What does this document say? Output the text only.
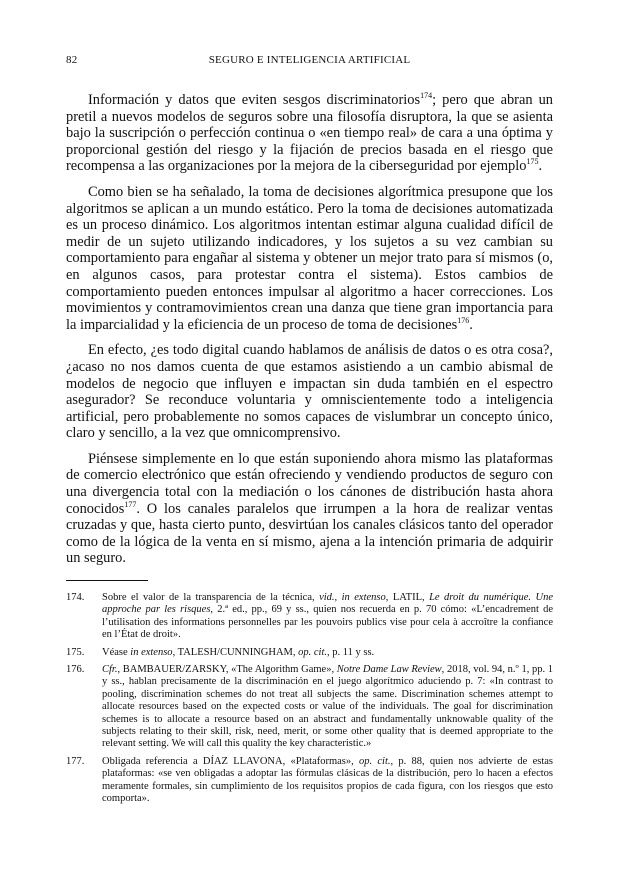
82	SEGURO E INTELIGENCIA ARTIFICIAL

Información y datos que eviten sesgos discriminatorios$^{174}$; pero que abran un pretil a nuevos modelos de seguros sobre una filosofía disruptora, la que se asienta bajo la suscripción o perfección continua o «en tiempo real» de cara a una óptima y proporcional gestión del riesgo y la fijación de precios basada en el riesgo que recompensa a las organizaciones por la mejora de la ciberseguridad por ejemplo$^{175}$.

Como bien se ha señalado, la toma de decisiones algorítmica presupone que los algoritmos se aplican a un mundo estático. Pero la toma de decisiones automatizada es un proceso dinámico. Los algoritmos intentan estimar alguna cualidad difícil de medir de un sujeto utilizando indicadores, y los sujetos a su vez cambian su comportamiento para engañar al sistema y obtener un mejor trato para sí mismos (o, en algunos casos, para protestar contra el sistema). Estos cambios de comportamiento pueden entonces impulsar al algoritmo a hacer correcciones. Los movimientos y contramovimientos crean una danza que tiene gran importancia para la imparcialidad y la eficiencia de un proceso de toma de decisiones$^{176}$.

En efecto, ¿es todo digital cuando hablamos de análisis de datos o es otra cosa?, ¿acaso no nos damos cuenta de que estamos asistiendo a un cambio abismal de modelos de negocio que influyen e impactan sin duda también en el espectro asegurador? Se reconduce voluntaria y omniscientemente todo a inteligencia artificial, pero probablemente no somos capaces de vislumbrar un concepto único, claro y sencillo, a la vez que omnicomprensivo.

Piénsese simplemente en lo que están suponiendo ahora mismo las plataformas de comercio electrónico que están ofreciendo y vendiendo productos de seguro con una divergencia total con la mediación o los cánones de distribución hasta ahora conocidos$^{177}$. O los canales paralelos que irrumpen a la hora de realizar ventas cruzadas y que, hasta cierto punto, desvirtúan los canales clásicos tanto del operador como de la lógica de la venta en sí mismo, ajena a la intención primaria de adquirir un seguro.

174. Sobre el valor de la transparencia de la técnica, vid., in extenso, LATIL, Le droit du numérique. Une approche par les risques, 2.ª ed., pp., 69 y ss., quien nos recuerda en p. 70 cómo: «L’encadrement de l’utilisation des informations personnelles par les pouvoirs publics vise pour cela à accroître la confiance en l’État de droit».
175. Véase in extenso, TALESH/CUNNINGHAM, op. cit., p. 11 y ss.
176. Cfr., BAMBAUER/ZARSKY, «The Algorithm Game», Notre Dame Law Review, 2018, vol. 94, n.º 1, pp. 1 y ss., hablan precisamente de la discriminación en el juego algorítmico aduciendo p. 7: «In contrast to pooling, discrimination schemes do not treat all subjects the same. Discrimination schemes attempt to allocate resources based on the expected costs or value of the individuals. The goal for discrimination schemes is to allocate a resource based on an abstract and fundamentally unknowable quality of the subjects relating to their skill, risk, need, merit, or some other quality that is deemed appropriate to the relevant setting. We will call this quality the key characteristic.»
177. Obligada referencia a DÍAZ LLAVONA, «Plataformas», op. cit., p. 88, quien nos advierte de estas plataformas: «se ven obligadas a adoptar las fórmulas clásicas de la distribución, pero lo hacen a efectos meramente formales, sin cumplimiento de los requisitos propios de cada figura, con los riesgos que esto comporta».
